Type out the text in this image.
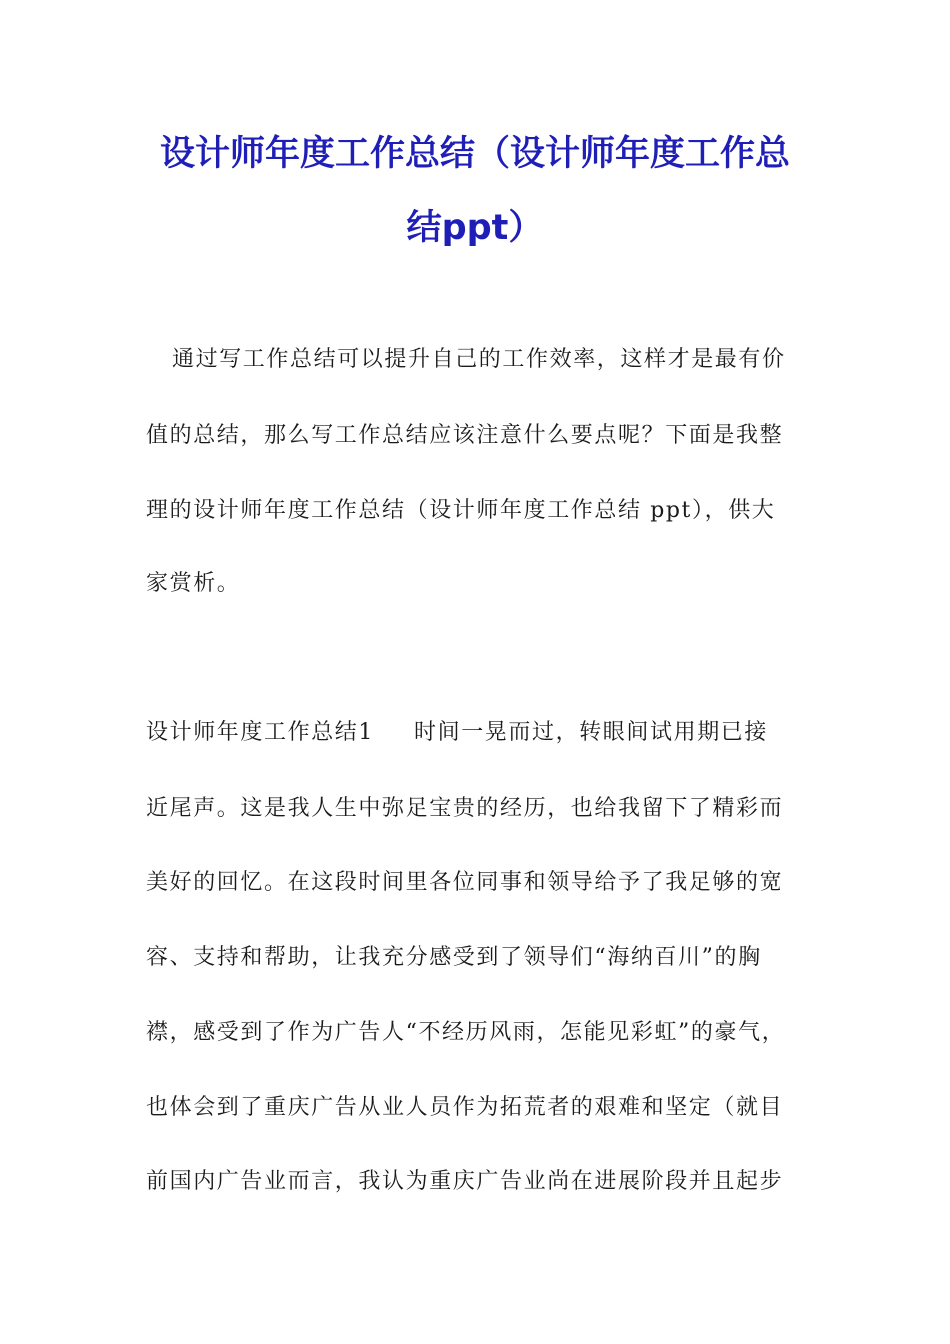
设计师年度工作总结（设计师年度工作总
结ppt）
通过写工作总结可以提升自己的工作效率，这样才是最有价
值的总结，那么写工作总结应该注意什么要点呢？下面是我整
理的设计师年度工作总结（设计师年度工作总结 ppt），供大
家赏析。
设计师年度工作总结1 时间一晃而过，转眼间试用期已接
近尾声。这是我人生中弥足宝贵的经历，也给我留下了精彩而
美好的回忆。在这段时间里各位同事和领导给予了我足够的宽
容、支持和帮助，让我充分感受到了领导们“海纳百川”的胸
襟，感受到了作为广告人“不经历风雨，怎能见彩虹”的豪气，
也体会到了重庆广告从业人员作为拓荒者的艰难和坚定（就目
前国内广告业而言，我认为重庆广告业尚在进展阶段并且起步
